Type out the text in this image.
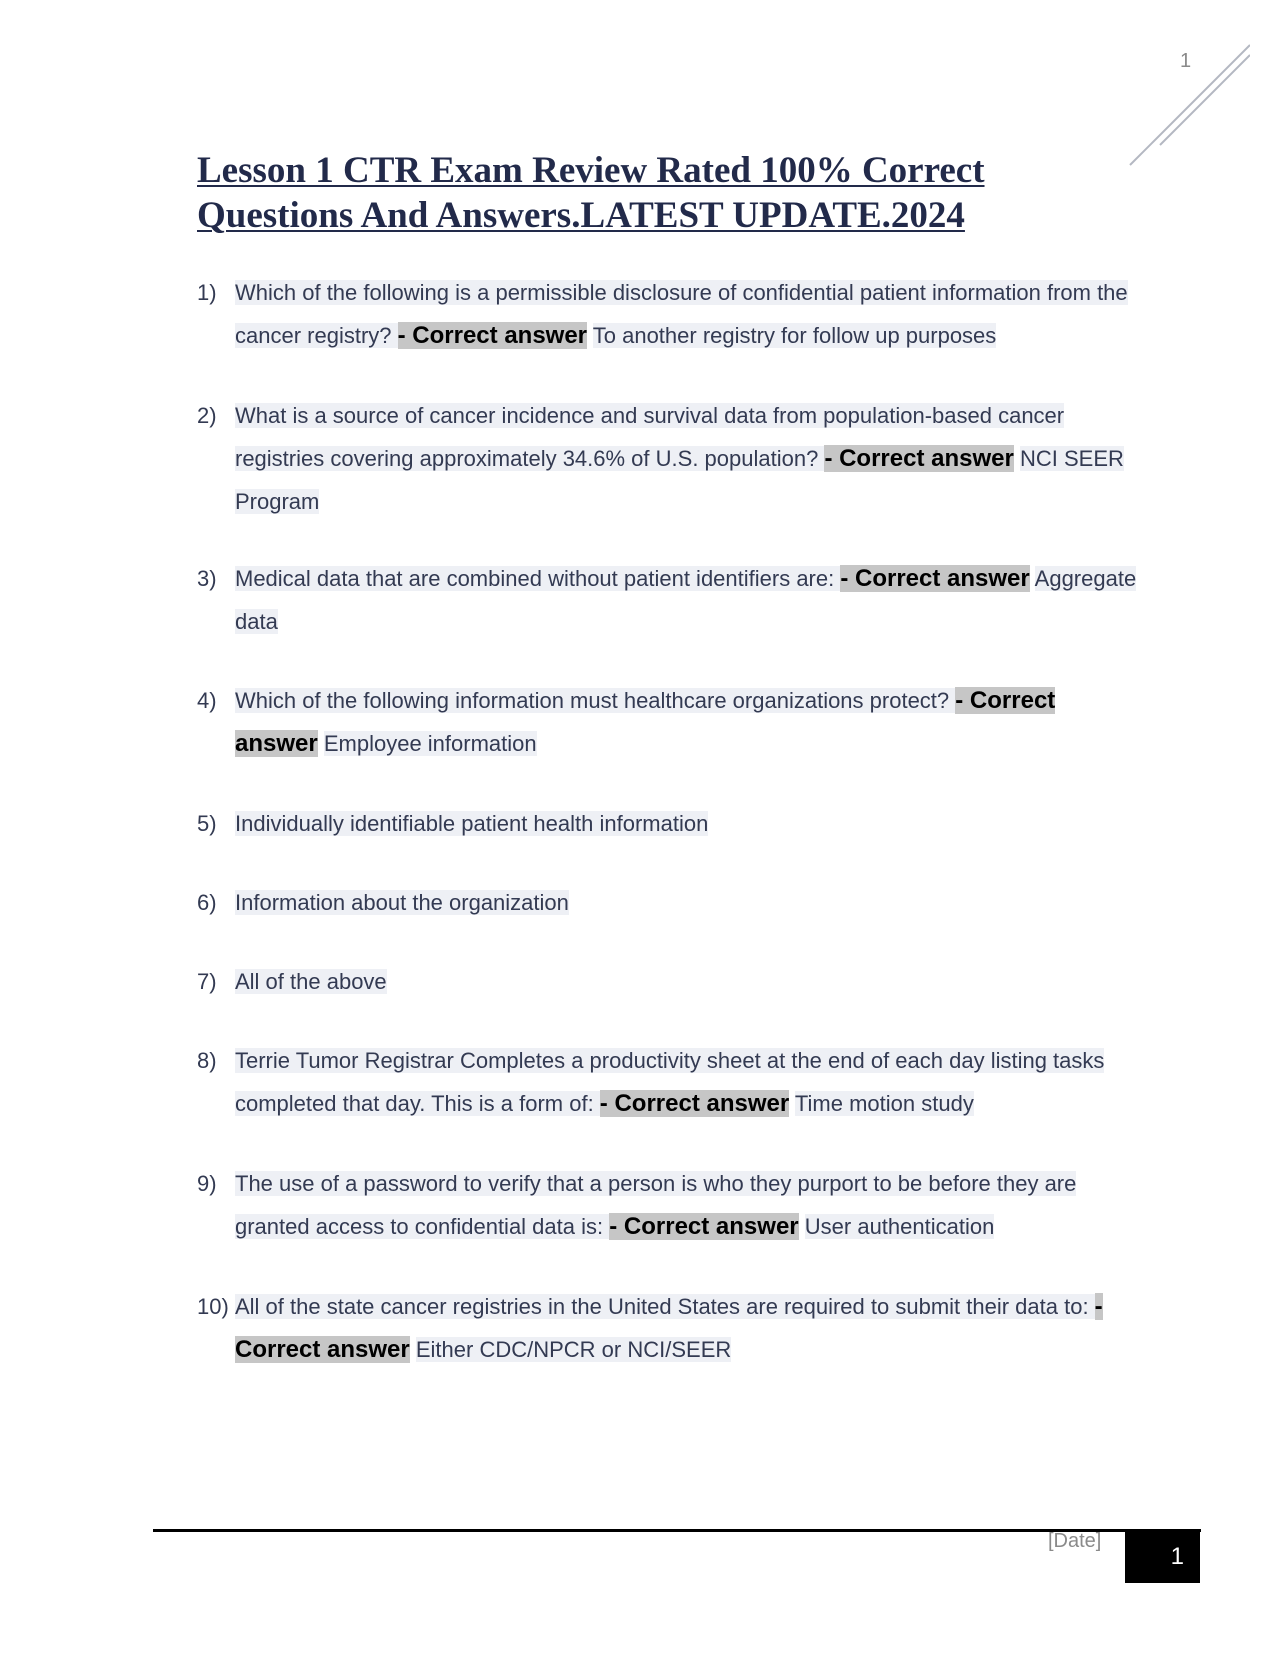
1
Lesson 1 CTR Exam Review Rated 100% Correct
Questions And Answers.LATEST UPDATE.2024
1) Which of the following is a permissible disclosure of confidential patient information from the cancer registry? - Correct answer To another registry for follow up purposes
2) What is a source of cancer incidence and survival data from population-based cancer registries covering approximately 34.6% of U.S. population? - Correct answer NCI SEER Program
3) Medical data that are combined without patient identifiers are: - Correct answer Aggregate data
4) Which of the following information must healthcare organizations protect? - Correct answer Employee information
5) Individually identifiable patient health information
6) Information about the organization
7) All of the above
8) Terrie Tumor Registrar Completes a productivity sheet at the end of each day listing tasks completed that day. This is a form of: - Correct answer Time motion study
9) The use of a password to verify that a person is who they purport to be before they are granted access to confidential data is: - Correct answer User authentication
10) All of the state cancer registries in the United States are required to submit their data to: - Correct answer Either CDC/NPCR or NCI/SEER
[Date]
1
